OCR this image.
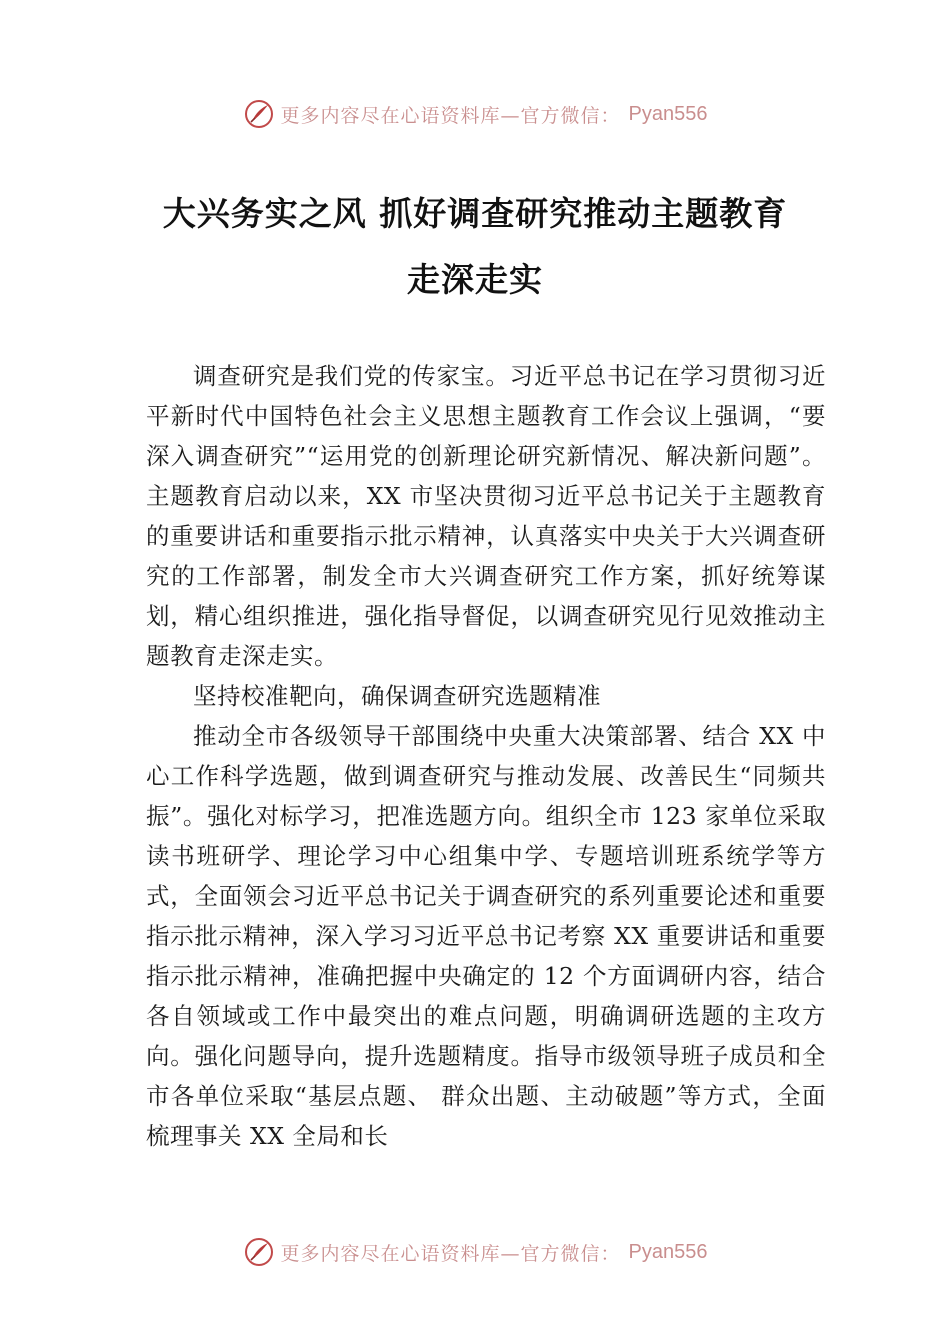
更多内容尽在心语资料库—官方微信： Pyan556
大兴务实之风 抓好调查研究推动主题教育
走深走实

调查研究是我们党的传家宝。习近平总书记在学习贯彻习近平新时代中国特色社会主义思想主题教育工作会议上强调，“要深入调查研究”“运用党的创新理论研究新情况、解决新问题”。主题教育启动以来，XX 市坚决贯彻习近平总书记关于主题教育的重要讲话和重要指示批示精神，认真落实中央关于大兴调查研究的工作部署，制发全市大兴调查研究工作方案，抓好统筹谋划，精心组织推进，强化指导督促，以调查研究见行见效推动主题教育走深走实。

坚持校准靶向，确保调查研究选题精准

推动全市各级领导干部围绕中央重大决策部署、结合 XX 中心工作科学选题，做到调查研究与推动发展、改善民生“同频共振”。强化对标学习，把准选题方向。组织全市 123 家单位采取读书班研学、理论学习中心组集中学、专题培训班系统学等方式，全面领会习近平总书记关于调查研究的系列重要论述和重要指示批示精神，深入学习习近平总书记考察 XX 重要讲话和重要指示批示精神，准确把握中央确定的 12 个方面调研内容，结合各自领域或工作中最突出的难点问题，明确调研选题的主攻方向。强化问题导向，提升选题精度。指导市级领导班子成员和全市各单位采取“基层点题、 群众出题、主动破题”等方式，全面梳理事关 XX 全局和长

更多内容尽在心语资料库—官方微信： Pyan556
